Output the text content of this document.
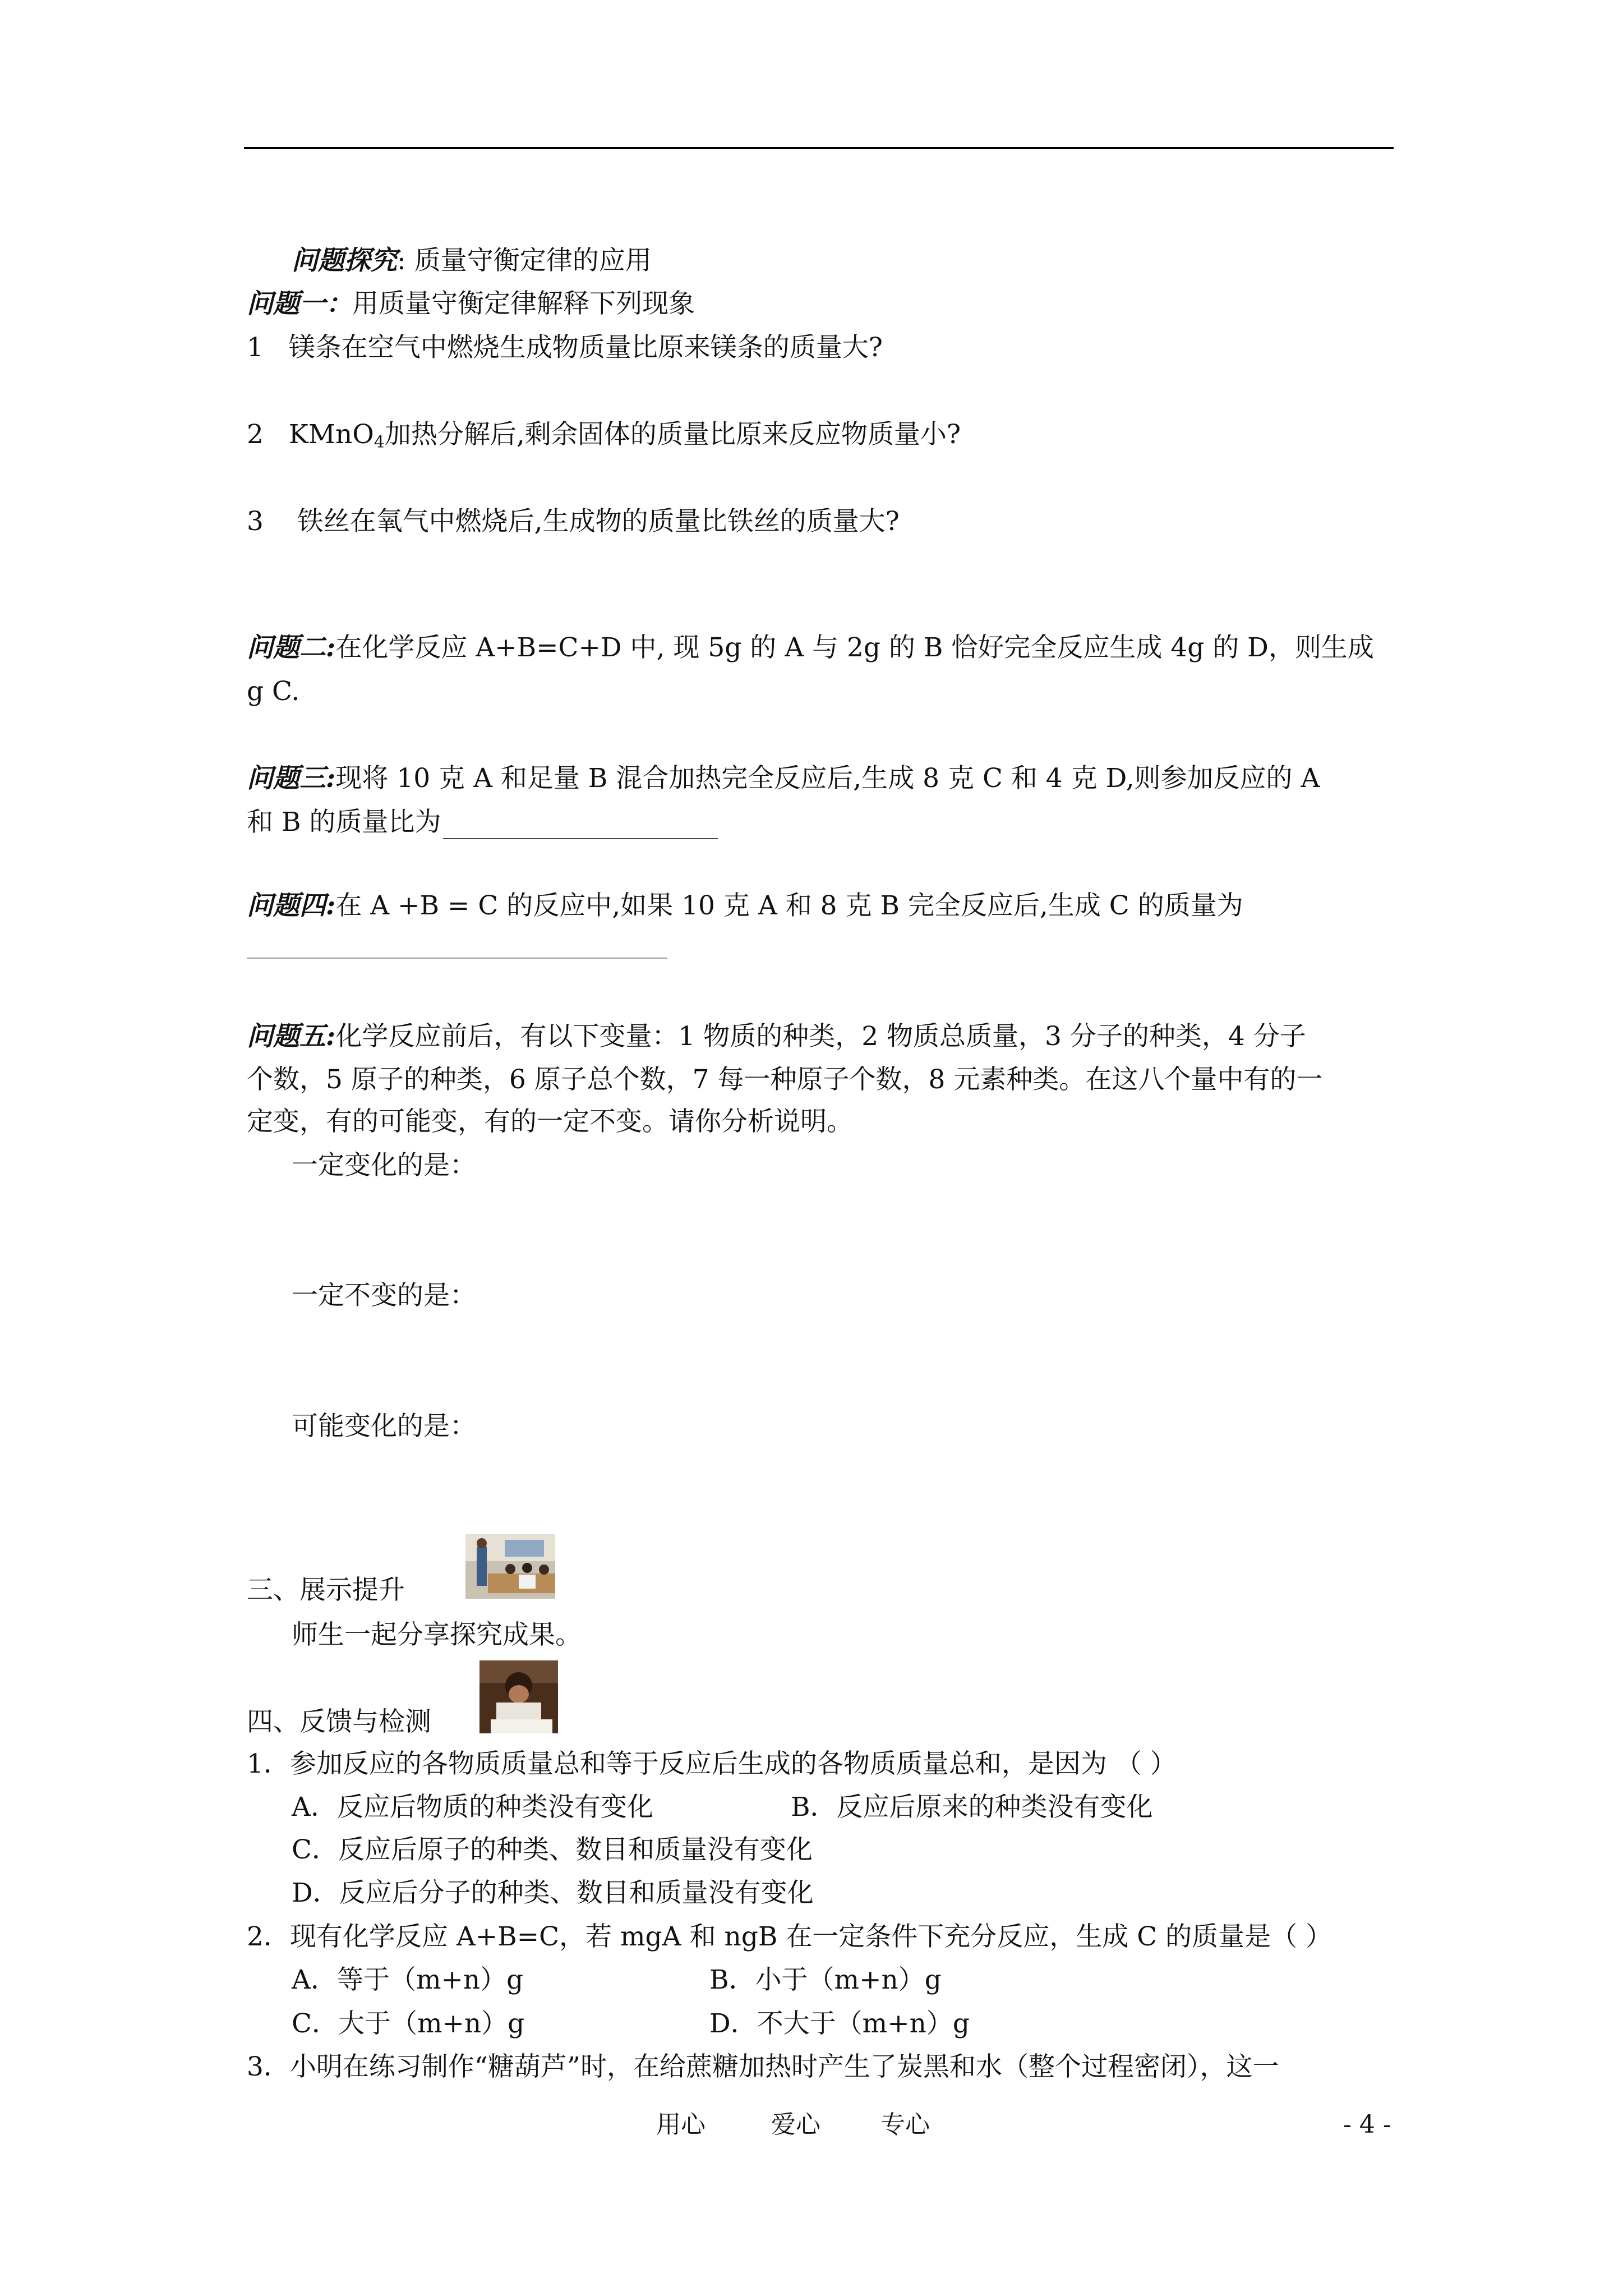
问题探究: 质量守衡定律的应用
问题一：用质量守衡定律解释下列现象
1 镁条在空气中燃烧生成物质量比原来镁条的质量大?
2 KMnO$_4$加热分解后,剩余固体的质量比原来反应物质量小?
3 铁丝在氧气中燃烧后,生成物的质量比铁丝的质量大?
问题二:在化学反应 A+B=C+D 中, 现 5g 的 A 与 2g 的 B 恰好完全反应生成 4g 的 D，则生成
g C.
问题三:现将 10 克 A 和足量 B 混合加热完全反应后,生成 8 克 C 和 4 克 D,则参加反应的 A
和 B 的质量比为
问题四:在 A +B = C 的反应中,如果 10 克 A 和 8 克 B 完全反应后,生成 C 的质量为
问题五:化学反应前后，有以下变量：1 物质的种类，2 物质总质量，3 分子的种类，4 分子
个数，5 原子的种类，6 原子总个数，7 每一种原子个数，8 元素种类。在这八个量中有的一
定变，有的可能变，有的一定不变。请你分析说明。
一定变化的是：
一定不变的是：
可能变化的是：
三、展示提升
师生一起分享探究成果。
四、反馈与检测
1．参加反应的各物质质量总和等于反应后生成的各物质质量总和，是因为 （ ）
A．反应后物质的种类没有变化	B．反应后原来的种类没有变化
C．反应后原子的种类、数目和质量没有变化
D．反应后分子的种类、数目和质量没有变化
2．现有化学反应 A+B=C，若 mgA 和 ngB 在一定条件下充分反应，生成 C 的质量是（ ）
A．等于（m+n）g	B．小于（m+n）g
C．大于（m+n）g	D．不大于（m+n）g
3．小明在练习制作“糖葫芦”时，在给蔗糖加热时产生了炭黑和水（整个过程密闭），这一
用心	爱心 专心	- 4 -
